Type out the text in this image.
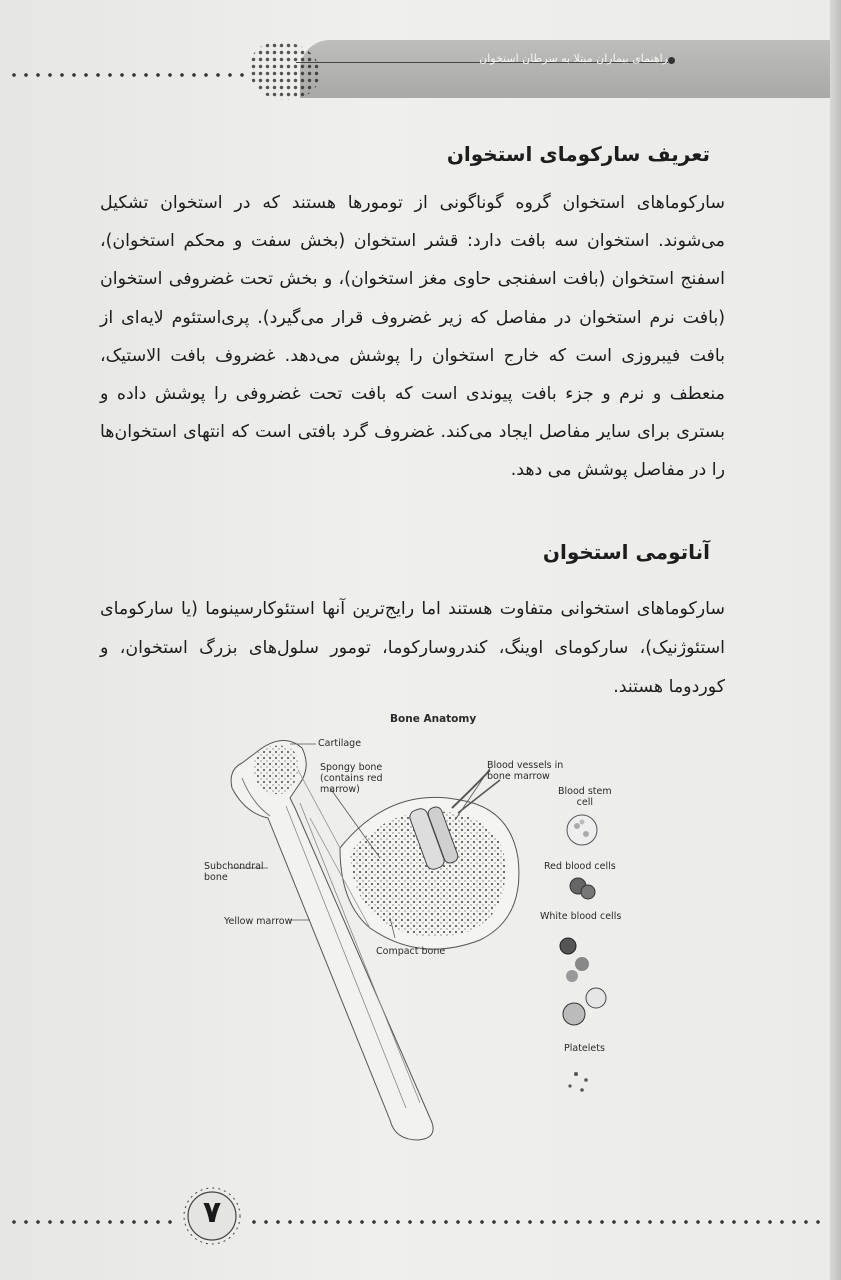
راهنمای بیماران مبتلا به سرطان استخوان
تعریف سارکومای استخوان
سارکوماهای استخوان گروه گوناگونی از تومورها هستند که در استخوان تشکیل می‌شوند. استخوان سه بافت دارد: قشر استخوان (بخش سفت و محکم استخوان)، اسفنج استخوان (بافت اسفنجی حاوی مغز استخوان)، و بخش تحت غضروفی استخوان (بافت نرم استخوان در مفاصل که زیر غضروف قرار می‌گیرد). پری‌استئوم لایه‌ای از بافت فیبروزی است که خارج استخوان را پوشش می‌دهد. غضروف بافت الاستیک، منعطف و نرم و جزء بافت پیوندی است که بافت تحت غضروفی را پوشش داده و بستری برای سایر مفاصل ایجاد می‌کند. غضروف گرد بافتی است که انتهای استخوان‌ها را در مفاصل پوشش می دهد.
آناتومی استخوان
سارکوماهای استخوانی متفاوت هستند اما رایج‌ترین آنها استئوکارسینوما (یا سارکومای استئوژنیک)، سارکومای اوینگ، کندروسارکوما، تومور سلول‌های بزرگ استخوان، و کوردوما هستند.
Bone Anatomy
Cartilage
Spongy bone
(contains red
marrow)
Blood vessels in
bone marrow
Blood stem
cell
Subchondral
bone
Red blood cells
Yellow marrow	White blood cells
Compact bone
Platelets
۷
